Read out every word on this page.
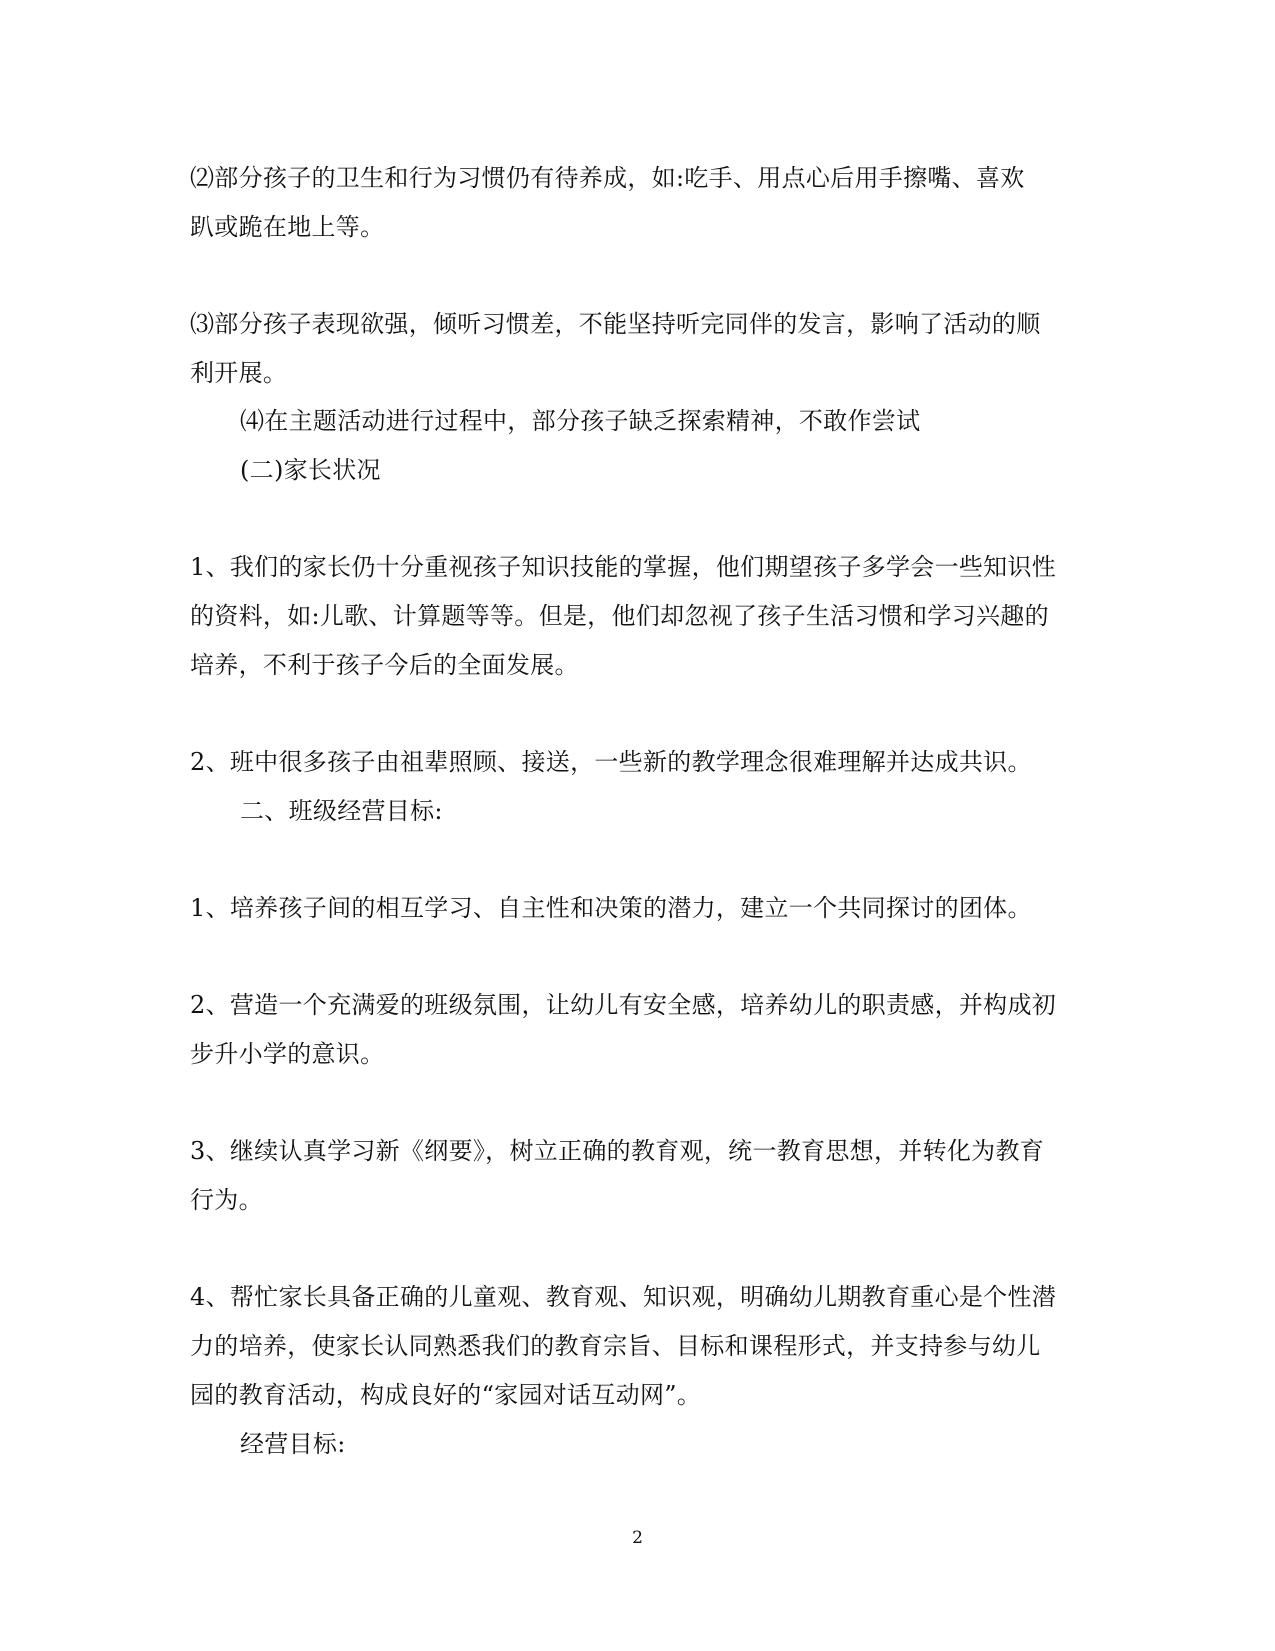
⑵部分孩子的卫生和行为习惯仍有待养成，如:吃手、用点心后用手擦嘴、喜欢
趴或跪在地上等。
⑶部分孩子表现欲强，倾听习惯差，不能坚持听完同伴的发言，影响了活动的顺
利开展。
⑷在主题活动进行过程中，部分孩子缺乏探索精神，不敢作尝试
(二)家长状况
1、我们的家长仍十分重视孩子知识技能的掌握，他们期望孩子多学会一些知识性
的资料，如:儿歌、计算题等等。但是，他们却忽视了孩子生活习惯和学习兴趣的
培养，不利于孩子今后的全面发展。
2、班中很多孩子由祖辈照顾、接送，一些新的教学理念很难理解并达成共识。
二、班级经营目标:
1、培养孩子间的相互学习、自主性和决策的潜力，建立一个共同探讨的团体。
2、营造一个充满爱的班级氛围，让幼儿有安全感，培养幼儿的职责感，并构成初
步升小学的意识。
3、继续认真学习新《纲要》，树立正确的教育观，统一教育思想，并转化为教育
行为。
4、帮忙家长具备正确的儿童观、教育观、知识观，明确幼儿期教育重心是个性潜
力的培养，使家长认同熟悉我们的教育宗旨、目标和课程形式，并支持参与幼儿
园的教育活动，构成良好的“家园对话互动网”。
经营目标:
2
